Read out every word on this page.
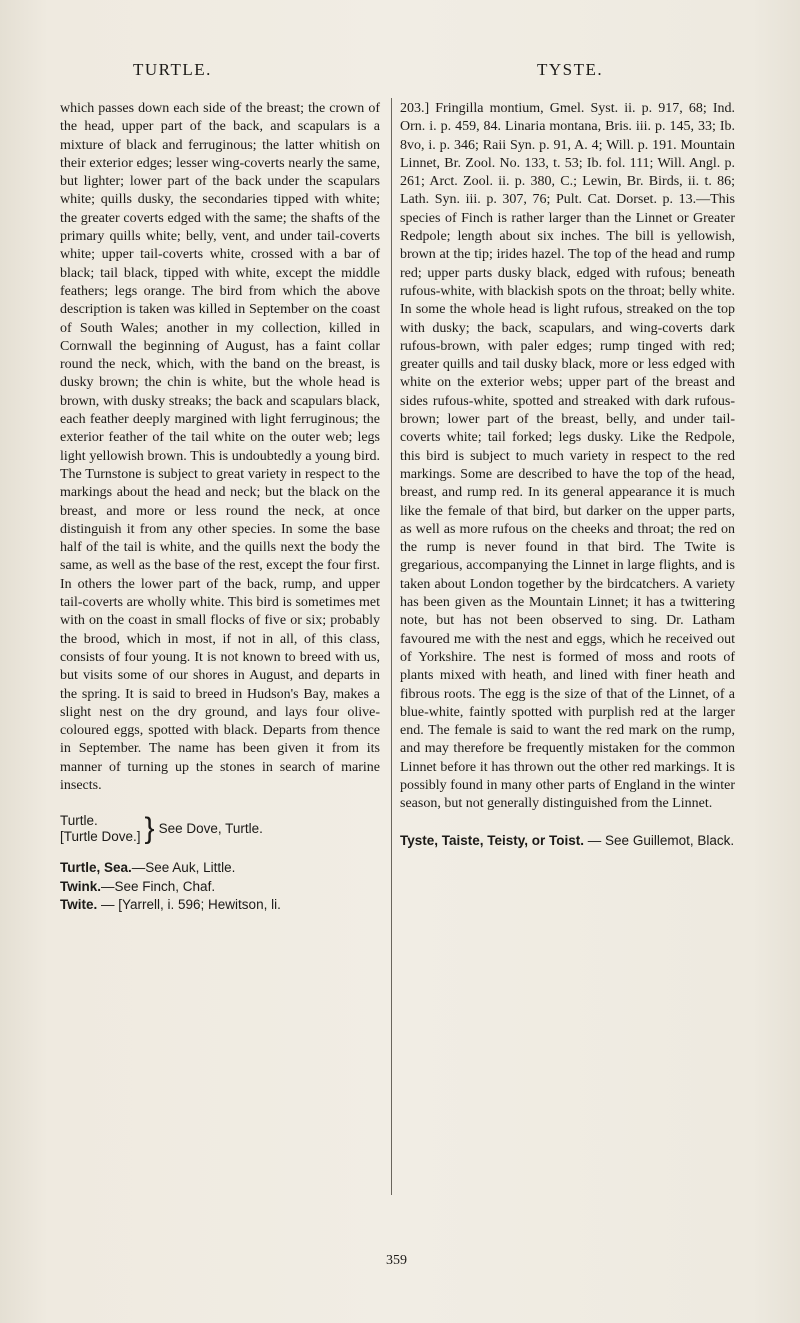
TURTLE.	TYSTE.

which passes down each side of the breast; the crown of the head, upper part of the back, and scapulars is a mixture of black and ferruginous; the latter whitish on their exterior edges; lesser wing-coverts nearly the same, but lighter; lower part of the back under the scapulars white; quills dusky, the secondaries tipped with white; the greater coverts edged with the same; the shafts of the primary quills white; belly, vent, and under tail-coverts white; upper tail-coverts white, crossed with a bar of black; tail black, tipped with white, except the middle feathers; legs orange. The bird from which the above description is taken was killed in September on the coast of South Wales; another in my collection, killed in Cornwall the beginning of August, has a faint collar round the neck, which, with the band on the breast, is dusky brown; the chin is white, but the whole head is brown, with dusky streaks; the back and scapulars black, each feather deeply margined with light ferruginous; the exterior feather of the tail white on the outer web; legs light yellowish brown. This is undoubtedly a young bird. The Turnstone is subject to great variety in respect to the markings about the head and neck; but the black on the breast, and more or less round the neck, at once distinguish it from any other species. In some the base half of the tail is white, and the quills next the body the same, as well as the base of the rest, except the four first. In others the lower part of the back, rump, and upper tail-coverts are wholly white. This bird is sometimes met with on the coast in small flocks of five or six; probably the brood, which in most, if not in all, of this class, consists of four young. It is not known to breed with us, but visits some of our shores in August, and departs in the spring. It is said to breed in Hudson's Bay, makes a slight nest on the dry ground, and lays four olive-coloured eggs, spotted with black. Departs from thence in September. The name has been given it from its manner of turning up the stones in search of marine insects.

Turtle.
[Turtle Dove.] } See Dove, Turtle.

Turtle, Sea.—See Auk, Little.

Twink.—See Finch, Chaf.

Twite. — [Yarrell, i. 596; Hewitson, li.

203.] Fringilla montium, Gmel. Syst. ii. p. 917, 68; Ind. Orn. i. p. 459, 84. Linaria montana, Bris. iii. p. 145, 33; Ib. 8vo, i. p. 346; Raii Syn. p. 91, A. 4; Will. p. 191. Mountain Linnet, Br. Zool. No. 133, t. 53; Ib. fol. 111; Will. Angl. p. 261; Arct. Zool. ii. p. 380, C.; Lewin, Br. Birds, ii. t. 86; Lath. Syn. iii. p. 307, 76; Pult. Cat. Dorset. p. 13.—This species of Finch is rather larger than the Linnet or Greater Redpole; length about six inches. The bill is yellowish, brown at the tip; irides hazel. The top of the head and rump red; upper parts dusky black, edged with rufous; beneath rufous-white, with blackish spots on the throat; belly white. In some the whole head is light rufous, streaked on the top with dusky; the back, scapulars, and wing-coverts dark rufous-brown, with paler edges; rump tinged with red; greater quills and tail dusky black, more or less edged with white on the exterior webs; upper part of the breast and sides rufous-white, spotted and streaked with dark rufous-brown; lower part of the breast, belly, and under tail-coverts white; tail forked; legs dusky. Like the Redpole, this bird is subject to much variety in respect to the red markings. Some are described to have the top of the head, breast, and rump red. In its general appearance it is much like the female of that bird, but darker on the upper parts, as well as more rufous on the cheeks and throat; the red on the rump is never found in that bird. The Twite is gregarious, accompanying the Linnet in large flights, and is taken about London together by the birdcatchers. A variety has been given as the Mountain Linnet; it has a twittering note, but has not been observed to sing. Dr. Latham favoured me with the nest and eggs, which he received out of Yorkshire. The nest is formed of moss and roots of plants mixed with heath, and lined with finer heath and fibrous roots. The egg is the size of that of the Linnet, of a blue-white, faintly spotted with purplish red at the larger end. The female is said to want the red mark on the rump, and may therefore be frequently mistaken for the common Linnet before it has thrown out the other red markings. It is possibly found in many other parts of England in the winter season, but not generally distinguished from the Linnet.

Tyste, Taiste, Teisty, or Toist. — See Guillemot, Black.

359
